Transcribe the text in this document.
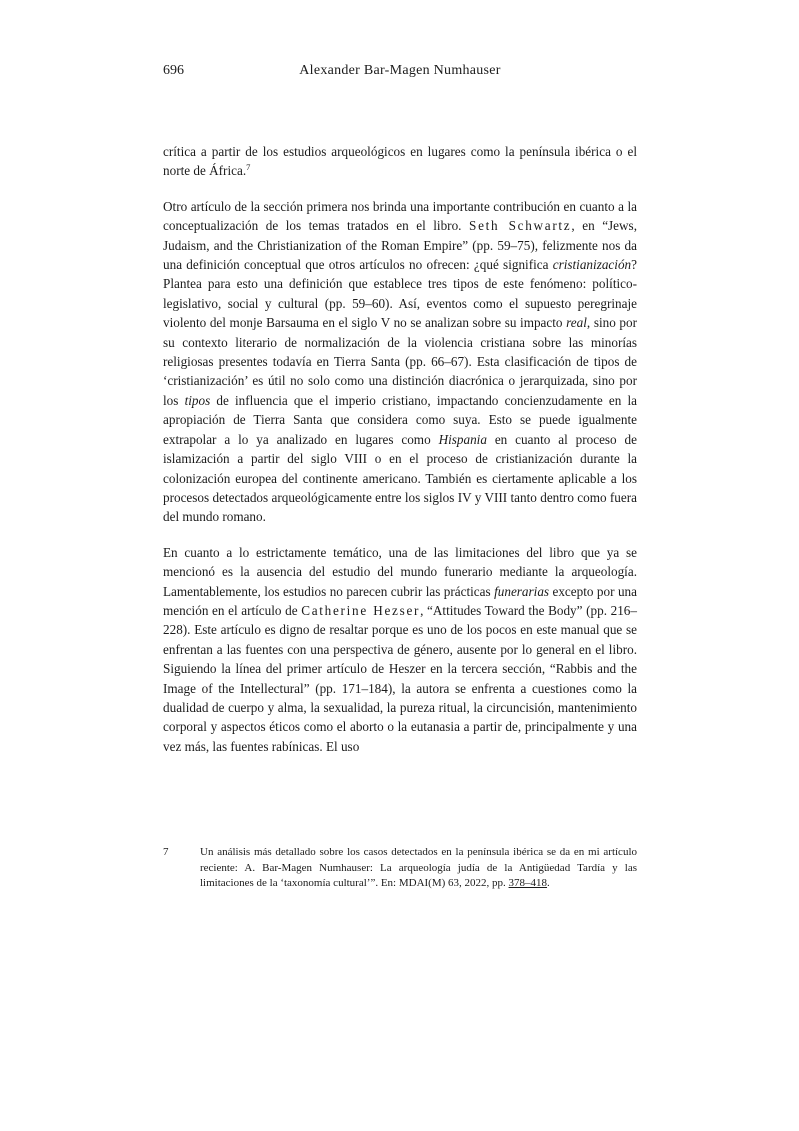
696	Alexander Bar-Magen Numhauser

crítica a partir de los estudios arqueológicos en lugares como la península ibérica o el norte de África.$^7$

Otro artículo de la sección primera nos brinda una importante contribución en cuanto a la conceptualización de los temas tratados en el libro. Seth Schwartz, en “Jews, Judaism, and the Christianization of the Roman Empire” (pp. 59–75), felizmente nos da una definición conceptual que otros artículos no ofrecen: ¿qué significa cristianización? Plantea para esto una definición que establece tres tipos de este fenómeno: político-legislativo, social y cultural (pp. 59–60). Así, eventos como el supuesto peregrinaje violento del monje Barsauma en el siglo V no se analizan sobre su impacto real, sino por su contexto literario de normalización de la violencia cristiana sobre las minorías religiosas presentes todavía en Tierra Santa (pp. 66–67). Esta clasificación de tipos de ‘cristianización’ es útil no solo como una distinción diacrónica o jerarquizada, sino por los tipos de influencia que el imperio cristiano, impactando concienzudamente en la apropiación de Tierra Santa que considera como suya. Esto se puede igualmente extrapolar a lo ya analizado en lugares como Hispania en cuanto al proceso de islamización a partir del siglo VIII o en el proceso de cristianización durante la colonización europea del continente americano. También es ciertamente aplicable a los procesos detectados arqueológicamente entre los siglos IV y VIII tanto dentro como fuera del mundo romano.

En cuanto a lo estrictamente temático, una de las limitaciones del libro que ya se mencionó es la ausencia del estudio del mundo funerario mediante la arqueología. Lamentablemente, los estudios no parecen cubrir las prácticas funerarias excepto por una mención en el artículo de Catherine Hezser, “Attitudes Toward the Body” (pp. 216–228). Este artículo es digno de resaltar porque es uno de los pocos en este manual que se enfrentan a las fuentes con una perspectiva de género, ausente por lo general en el libro. Siguiendo la línea del primer artículo de Heszer en la tercera sección, “Rabbis and the Image of the Intellectural” (pp. 171–184), la autora se enfrenta a cuestiones como la dualidad de cuerpo y alma, la sexualidad, la pureza ritual, la circuncisión, mantenimiento corporal y aspectos éticos como el aborto o la eutanasia a partir de, principalmente y una vez más, las fuentes rabínicas. El uso

7	Un análisis más detallado sobre los casos detectados en la península ibérica se da en mi artículo reciente: A. Bar-Magen Numhauser: La arqueología judía de la Antigüedad Tardía y las limitaciones de la ‘taxonomía cultural’”. En: MDAI(M) 63, 2022, pp. 378–418.
